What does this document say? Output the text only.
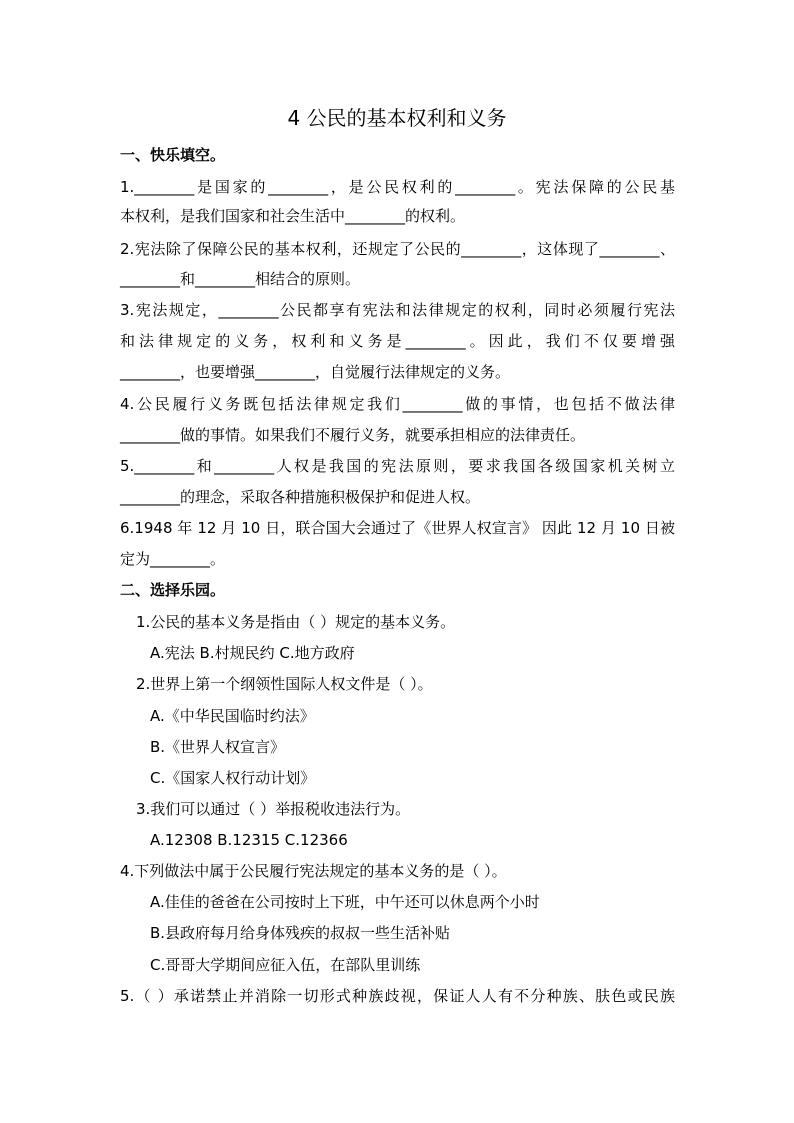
4 公民的基本权利和义务
一、快乐填空。
1.________是国家的________，是公民权利的________。宪法保障的公民基
本权利，是我们国家和社会生活中________的权利。
2.宪法除了保障公民的基本权利，还规定了公民的________，这体现了________、
________和________相结合的原则。
3.宪法规定，________公民都享有宪法和法律规定的权利，同时必须履行宪法
和法律规定的义务，权利和义务是________。因此，我们不仅要增强
________，也要增强________，自觉履行法律规定的义务。
4.公民履行义务既包括法律规定我们________做的事情，也包括不做法律
________做的事情。如果我们不履行义务，就要承担相应的法律责任。
5.________和________人权是我国的宪法原则，要求我国各级国家机关树立
________的理念，采取各种措施积极保护和促进人权。
6.1948 年 12 月 10 日，联合国大会通过了《世界人权宣言》 因此 12 月 10 日被
定为________。
二、选择乐园。
1.公民的基本义务是指由（ ）规定的基本义务。
A.宪法 B.村规民约 C.地方政府
2.世界上第一个纲领性国际人权文件是（ ）。
A.《中华民国临时约法》
B.《世界人权宣言》
C.《国家人权行动计划》
3.我们可以通过（ ）举报税收违法行为。
A.12308 B.12315 C.12366
4.下列做法中属于公民履行宪法规定的基本义务的是（ ）。
A.佳佳的爸爸在公司按时上下班，中午还可以休息两个小时
B.县政府每月给身体残疾的叔叔一些生活补贴
C.哥哥大学期间应征入伍，在部队里训练
5.（ ）承诺禁止并消除一切形式种族歧视，保证人人有不分种族、肤色或民族
